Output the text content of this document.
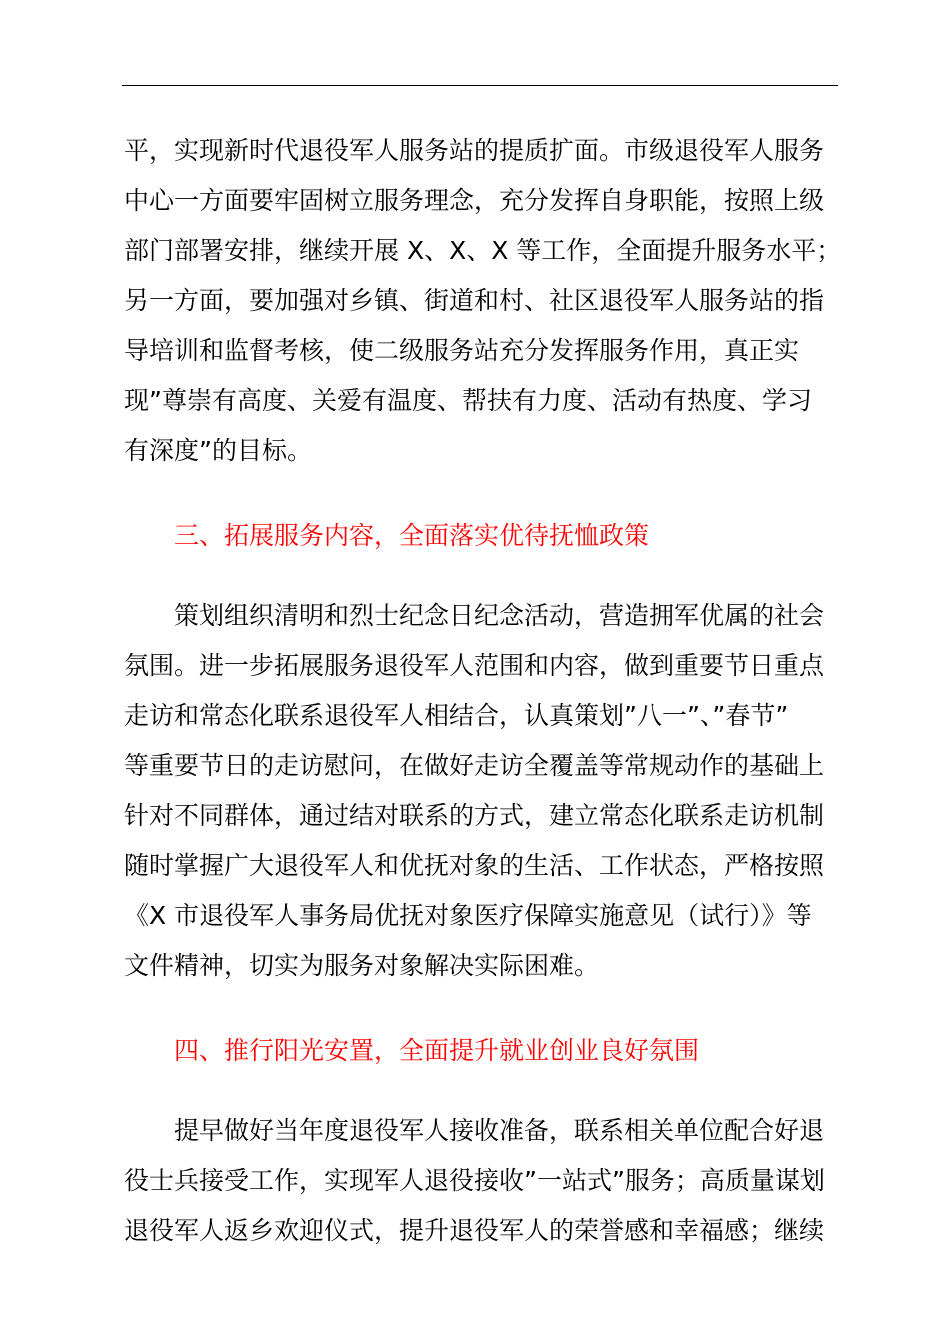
平，实现新时代退役军人服务站的提质扩面。市级退役军人服务
中心一方面要牢固树立服务理念，充分发挥自身职能，按照上级
部门部署安排，继续开展 X、X、X 等工作，全面提升服务水平；
另一方面，要加强对乡镇、街道和村、社区退役军人服务站的指
导培训和监督考核，使二级服务站充分发挥服务作用，真正实
现”尊崇有高度、关爱有温度、帮扶有力度、活动有热度、学习
有深度”的目标。
三、拓展服务内容，全面落实优待抚恤政策
策划组织清明和烈士纪念日纪念活动，营造拥军优属的社会
氛围。进一步拓展服务退役军人范围和内容，做到重要节日重点
走访和常态化联系退役军人相结合，认真策划”八一”、”春节”
等重要节日的走访慰问，在做好走访全覆盖等常规动作的基础上
针对不同群体，通过结对联系的方式，建立常态化联系走访机制
随时掌握广大退役军人和优抚对象的生活、工作状态，严格按照
《X 市退役军人事务局优抚对象医疗保障实施意见（试行）》等
文件精神，切实为服务对象解决实际困难。
四、推行阳光安置，全面提升就业创业良好氛围
提早做好当年度退役军人接收准备，联系相关单位配合好退
役士兵接受工作，实现军人退役接收”一站式”服务；高质量谋划
退役军人返乡欢迎仪式，提升退役军人的荣誉感和幸福感；继续
